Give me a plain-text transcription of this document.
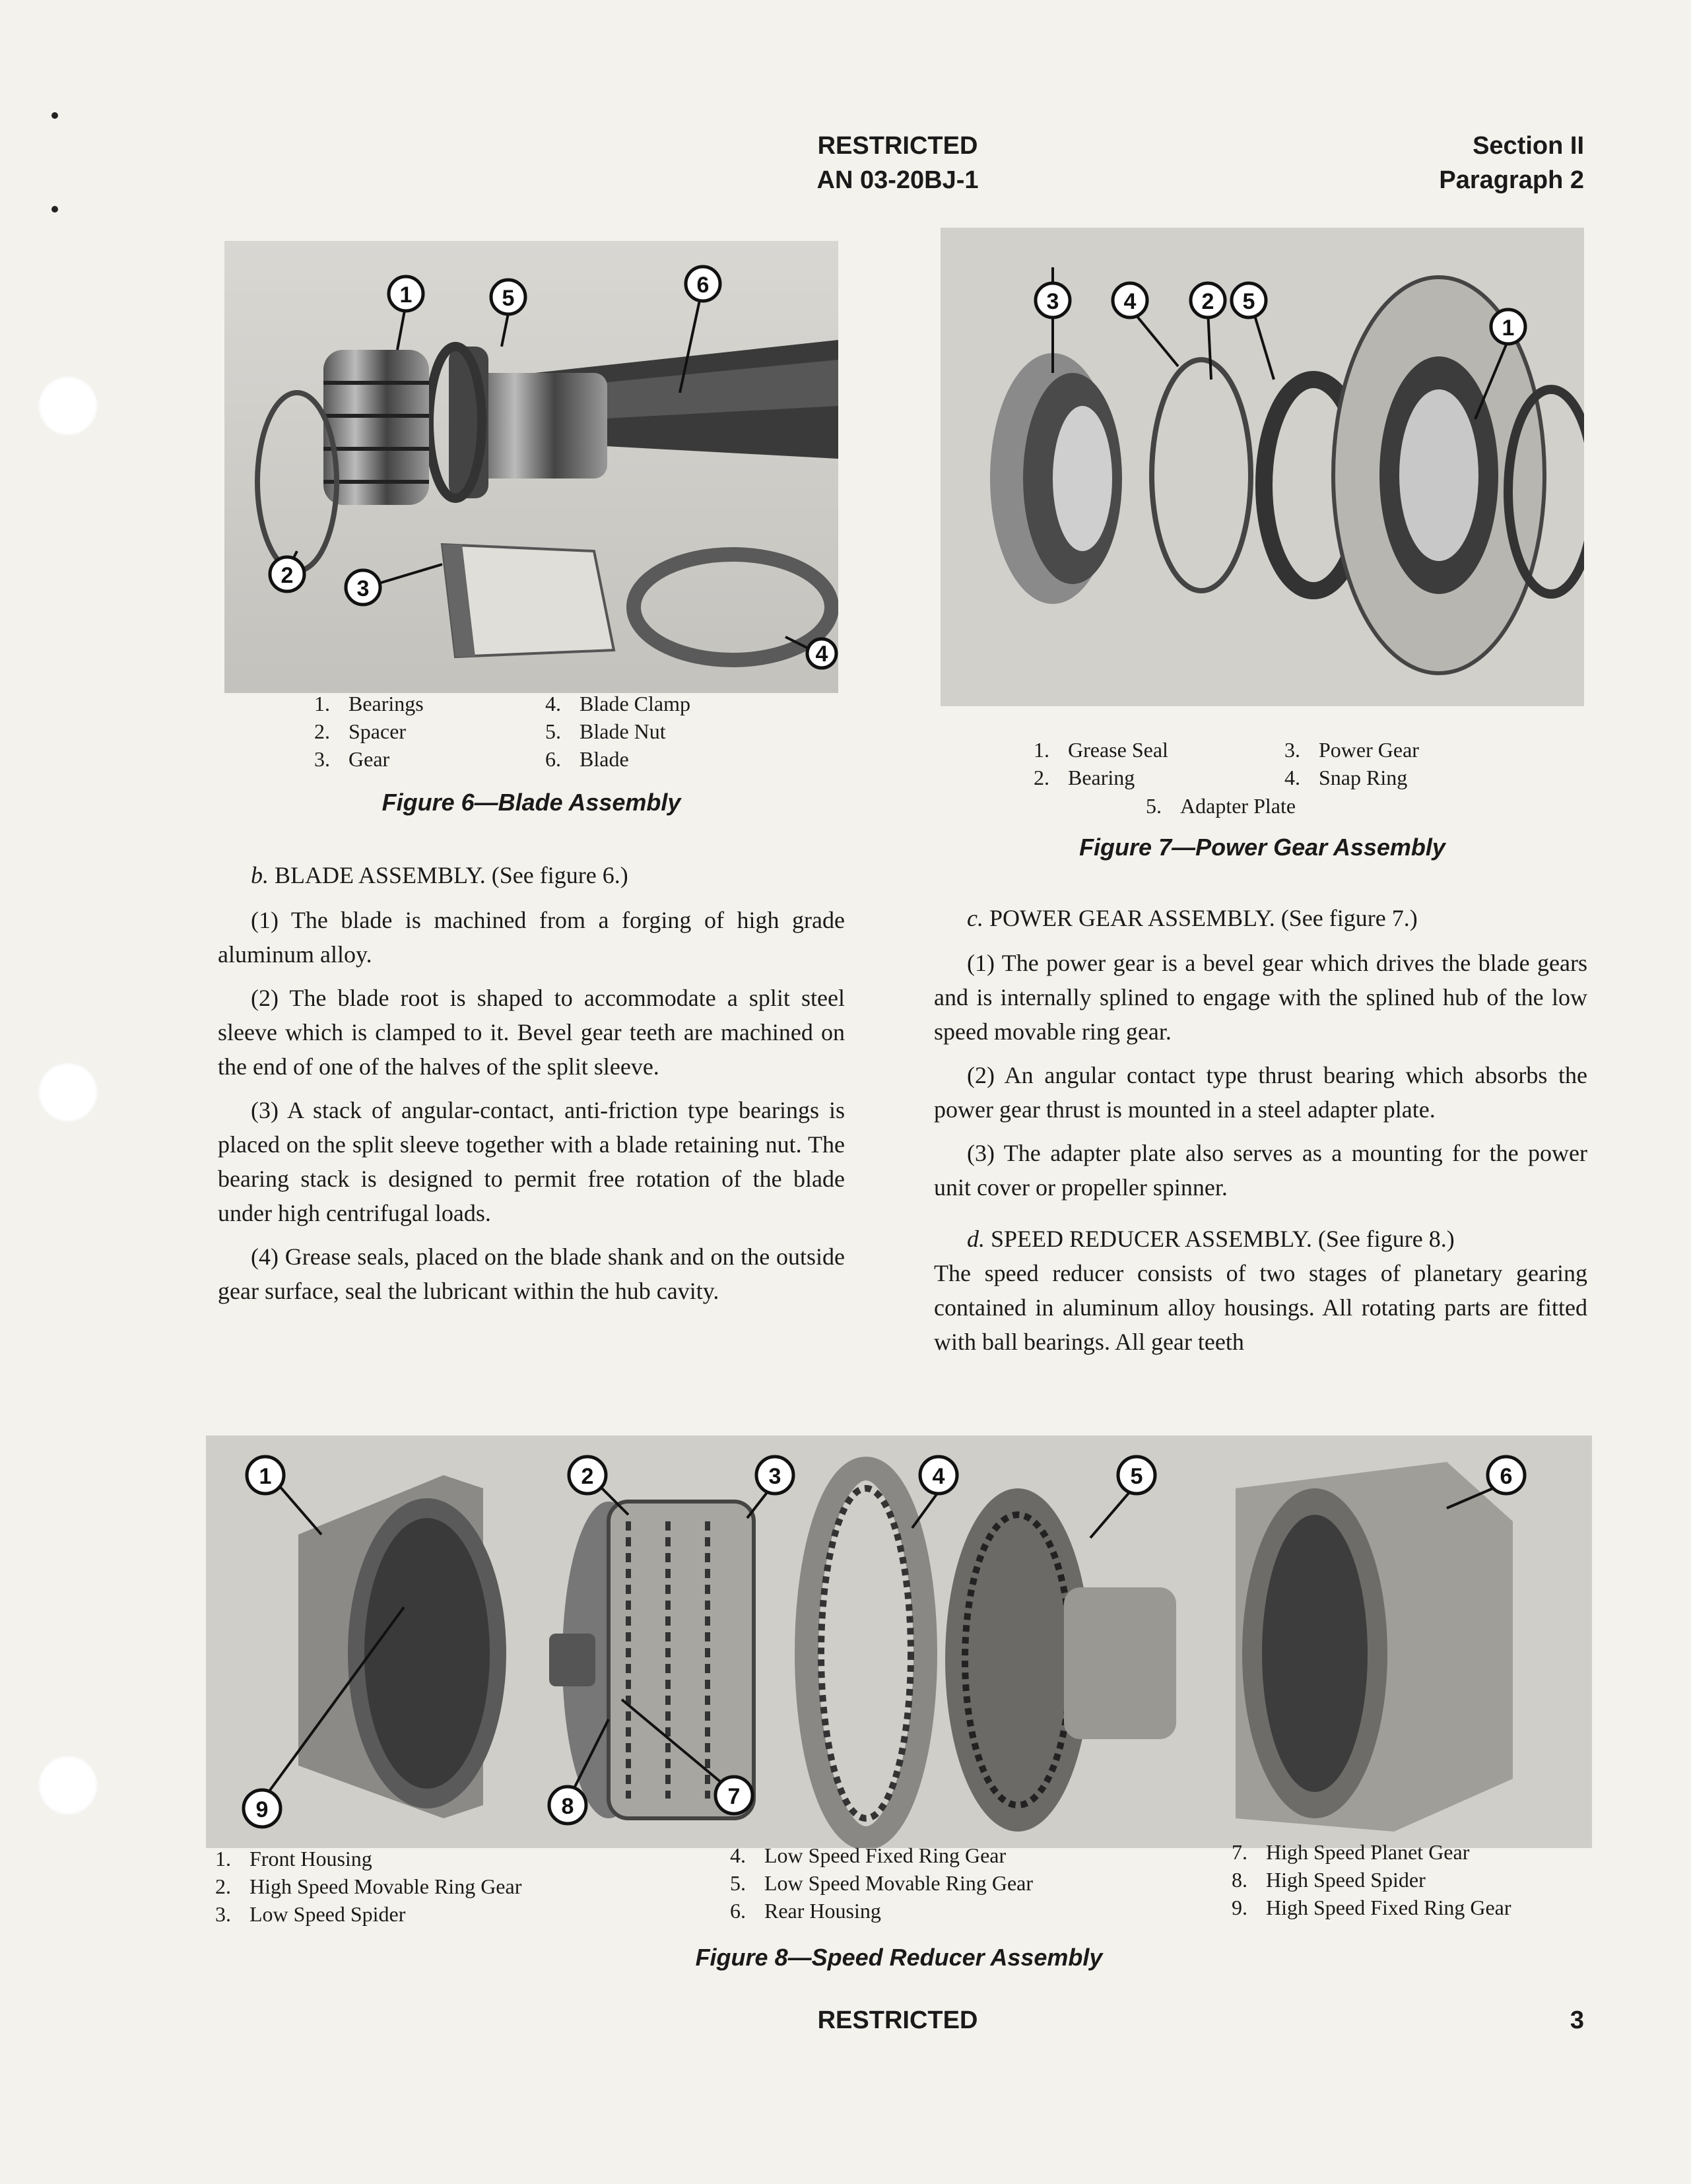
RESTRICTED
AN 03-20BJ-1
Section II
Paragraph 2
1
2
3
4
5
6
1. Bearings
2. Spacer
3. Gear
4. Blade Clamp
5. Blade Nut
6. Blade
Figure 6—Blade Assembly
3	4	2 5
1
1. Grease Seal
2. Bearing
3. Power Gear
4. Snap Ring
5. Adapter Plate
Figure 7—Power Gear Assembly

b. BLADE ASSEMBLY. (See figure 6.)

(1) The blade is machined from a forging of high grade aluminum alloy.

(2) The blade root is shaped to accommodate a split steel sleeve which is clamped to it. Bevel gear teeth are machined on the end of one of the halves of the split sleeve.

(3) A stack of angular-contact, anti-friction type bearings is placed on the split sleeve together with a blade retaining nut. The bearing stack is designed to permit free rotation of the blade under high centrifugal loads.

(4) Grease seals, placed on the blade shank and on the outside gear surface, seal the lubricant within the hub cavity.

c. POWER GEAR ASSEMBLY. (See figure 7.)

(1) The power gear is a bevel gear which drives the blade gears and is internally splined to engage with the splined hub of the low speed movable ring gear.

(2) An angular contact type thrust bearing which absorbs the power gear thrust is mounted in a steel adapter plate.

(3) The adapter plate also serves as a mounting for the power unit cover or propeller spinner.

d. SPEED REDUCER ASSEMBLY. (See figure 8.)

The speed reducer consists of two stages of planetary gearing contained in aluminum alloy housings. All rotating parts are fitted with ball bearings. All gear teeth

1	2	3	4	5	6
7
8
9
1. Front Housing
2. High Speed Movable Ring Gear
3. Low Speed Spider
4. Low Speed Fixed Ring Gear
5. Low Speed Movable Ring Gear
6. Rear Housing
7. High Speed Planet Gear
8. High Speed Spider
9. High Speed Fixed Ring Gear
Figure 8—Speed Reducer Assembly
RESTRICTED	3
